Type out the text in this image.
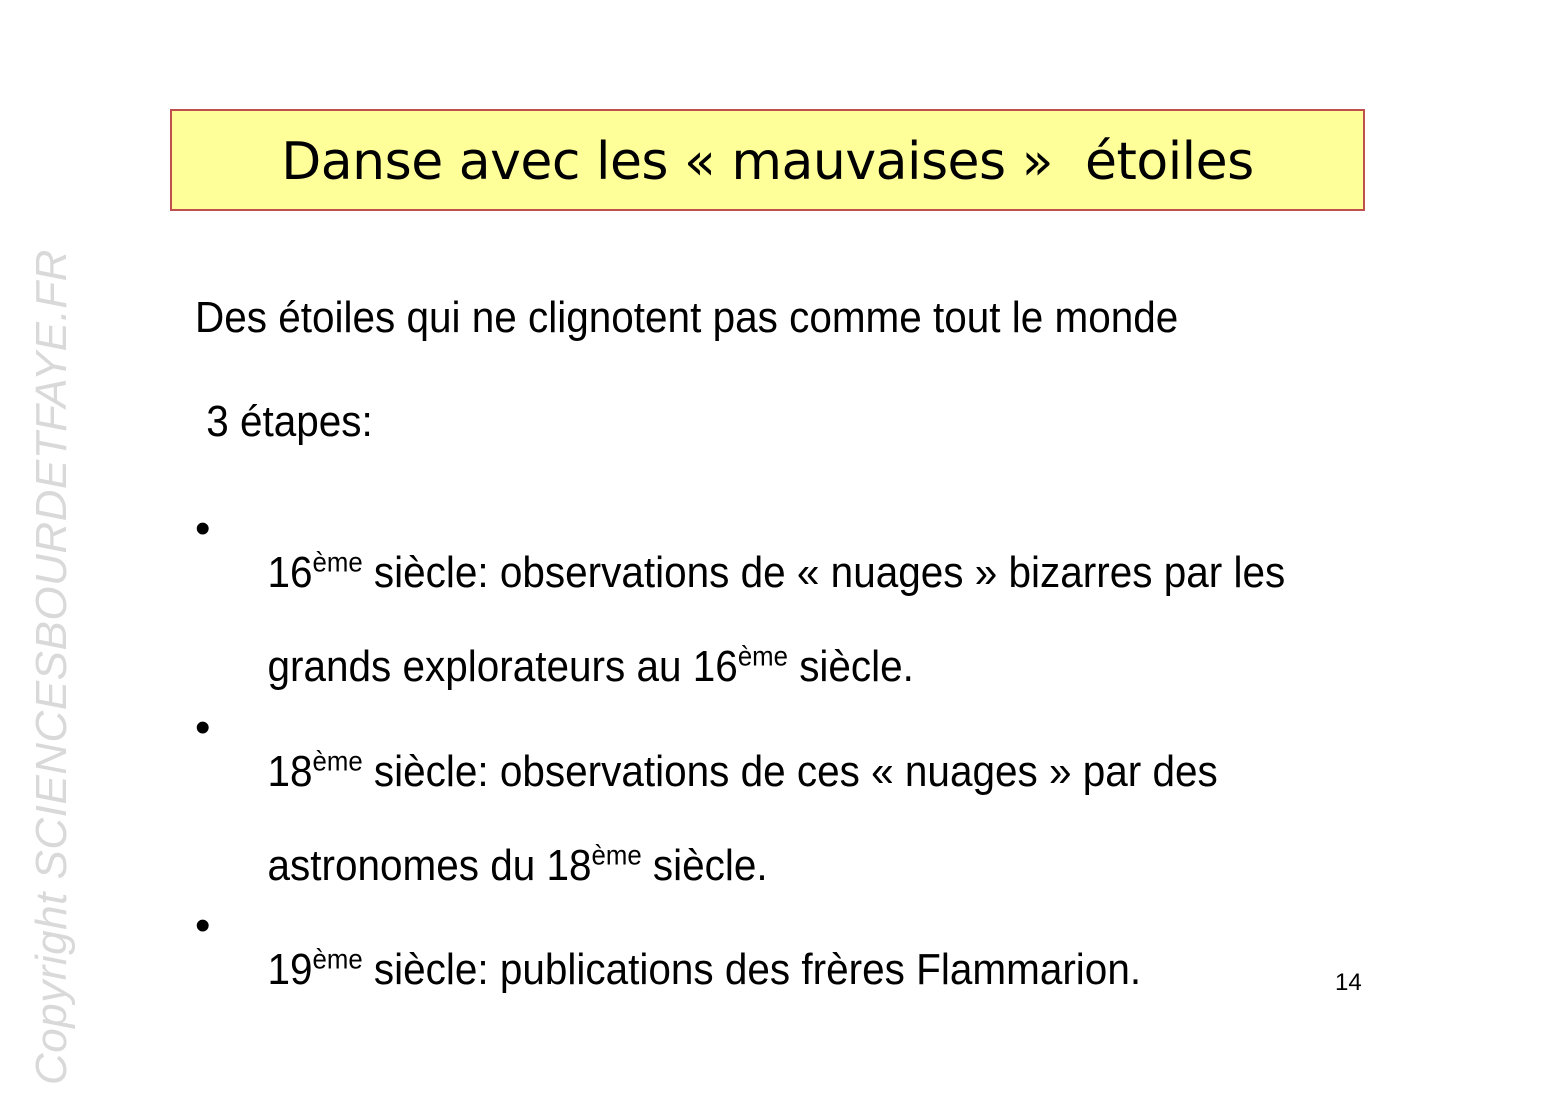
Copyright SCIENCESBOURDETFAYE.FR
Danse avec les « mauvaises »  étoiles
Des étoiles qui ne clignotent pas comme tout le monde
3 étapes:
•

16ème siècle: observations de « nuages » bizarres par les

grands explorateurs au 16ème siècle.

•

18ème siècle: observations de ces « nuages » par des

astronomes du 18ème siècle.

•

19ème siècle: publications des frères Flammarion.	14
